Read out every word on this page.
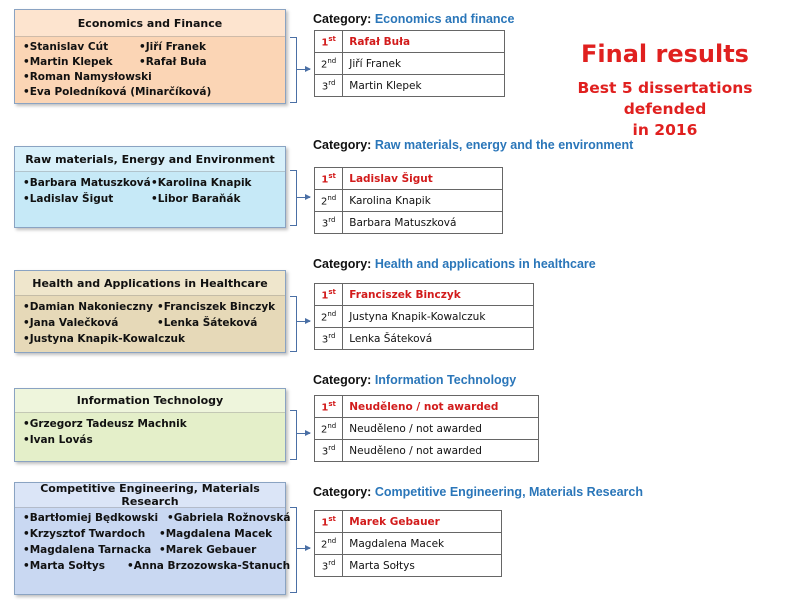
Final results
Best 5 dissertations defended
in 2016
Economics and Finance
• Stanislav Cút	• Jiří Franek
• Martin Klepek	• Rafał Buła
• Roman Namysłowski
• Eva Poledníková (Minarčíková)
Category: Economics and finance
1st	Rafał Buła
2nd	Jiří Franek
3rd	Martin Klepek
Raw materials, Energy and Environment
• Barbara Matuszková • Karolina Knapik
• Ladislav Šigut	• Libor Baraňák
Category: Raw materials, energy and the environment
1st	Ladislav Šigut
2nd	Karolina Knapik
3rd	Barbara Matuszková
Health and Applications in Healthcare
• Damian Nakonieczny	• Franciszek Binczyk
• Jana Valečková	• Lenka Šáteková
• Justyna Knapik-Kowalczuk
Category: Health and applications in healthcare
1st	Franciszek Binczyk
2nd	Justyna Knapik-Kowalczuk
3rd	Lenka Šáteková
Information Technology
• Grzegorz Tadeusz Machnik
• Ivan Lovás
Category: Information Technology
1st	Neuděleno / not awarded
2nd	Neuděleno / not awarded
3rd	Neuděleno / not awarded
Competitive Engineering, Materials Research
• Bartłomiej Będkowski	• Gabriela Rožnovská
• Krzysztof Twardoch	• Magdalena Macek
• Magdalena Tarnacka	• Marek Gebauer
• Marta Sołtys	• Anna Brzozowska-Stanuch
Category: Competitive Engineering, Materials Research
1st	Marek Gebauer
2nd	Magdalena Macek
3rd	Marta Sołtys
